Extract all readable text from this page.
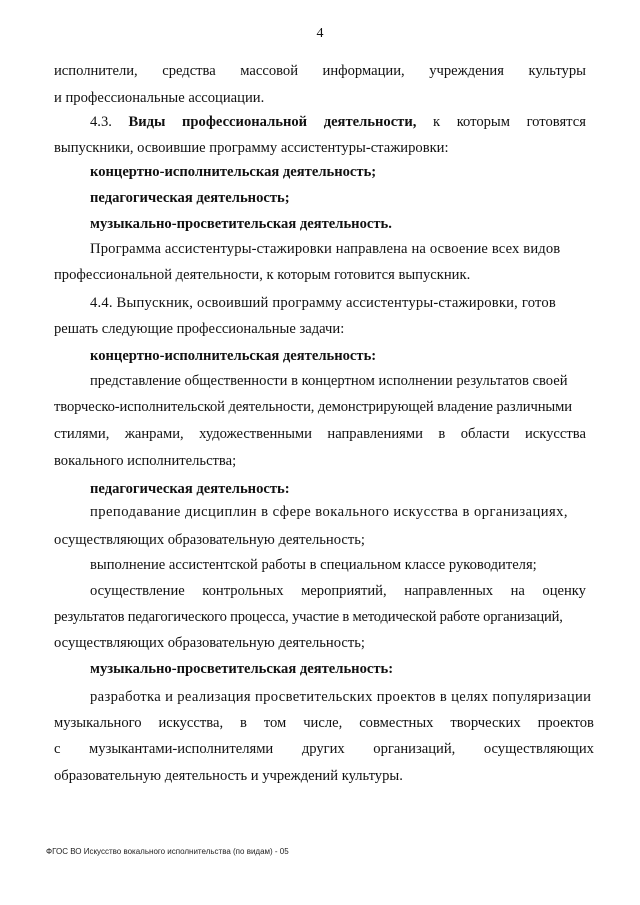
4
исполнители, средства массовой информации, учреждения культуры
и профессиональные ассоциации.
4.3. Виды профессиональной деятельности, к которым готовятся
выпускники, освоившие программу ассистентуры-стажировки:
концертно-исполнительская деятельность;
педагогическая деятельность;
музыкально-просветительская деятельность.
Программа ассистентуры-стажировки направлена на освоение всех видов
профессиональной деятельности, к которым готовится выпускник.
4.4. Выпускник, освоивший программу ассистентуры-стажировки, готов
решать следующие профессиональные задачи:
концертно-исполнительская деятельность:
представление общественности в концертном исполнении результатов своей
творческо-исполнительской деятельности, демонстрирующей владение различными
стилями, жанрами, художественными направлениями в области искусства
вокального исполнительства;
педагогическая деятельность:
преподавание дисциплин в сфере вокального искусства в организациях,
осуществляющих образовательную деятельность;
выполнение ассистентской работы в специальном классе руководителя;
осуществление контрольных мероприятий, направленных на оценку
результатов педагогического процесса, участие в методической работе организаций,
осуществляющих образовательную деятельность;
музыкально-просветительская деятельность:
разработка и реализация просветительских проектов в целях популяризации
музыкального искусства, в том числе, совместных творческих проектов
с музыкантами-исполнителями других организаций, осуществляющих
образовательную деятельность и учреждений культуры.
ФГОС ВО Искусство вокального исполнительства (по видам) - 05
